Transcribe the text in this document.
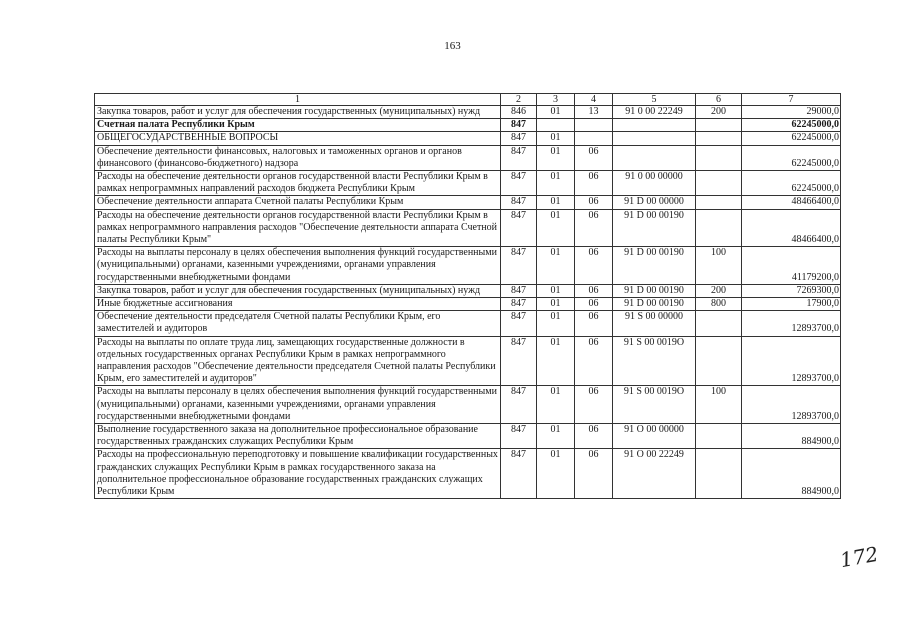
163
1	2	3	4	5	6	7
Закупка товаров, работ и услуг для обеспечения государственных (муниципальных) нужд	846	01	13	91 0 00 22249	200	29000,0
Счетная палата Республики Крым	847					62245000,0
ОБЩЕГОСУДАРСТВЕННЫЕ ВОПРОСЫ	847	01				62245000,0
Обеспечение деятельности финансовых, налоговых и таможенных органов и органов финансового (финансово-бюджетного) надзора	847	01	06			62245000,0
Расходы на обеспечение деятельности органов государственной власти Республики Крым в рамках непрограммных направлений расходов бюджета Республики Крым	847	01	06	91 0 00 00000		62245000,0
Обеспечение деятельности аппарата Счетной палаты Республики Крым	847	01	06	91 D 00 00000		48466400,0
Расходы на обеспечение деятельности органов государственной власти Республики Крым в рамках непрограммного направления расходов "Обеспечение деятельности аппарата Счетной палаты Республики Крым"	847	01	06	91 D 00 00190		48466400,0
Расходы на выплаты персоналу в целях обеспечения выполнения функций государственными (муниципальными) органами, казенными учреждениями, органами управления государственными внебюджетными фондами	847	01	06	91 D 00 00190	100	41179200,0
Закупка товаров, работ и услуг для обеспечения государственных (муниципальных) нужд	847	01	06	91 D 00 00190	200	7269300,0
Иные бюджетные ассигнования	847	01	06	91 D 00 00190	800	17900,0
Обеспечение деятельности председателя Счетной палаты Республики Крым, его заместителей и аудиторов	847	01	06	91 S 00 00000		12893700,0
Расходы на выплаты по оплате труда лиц, замещающих государственные должности в отдельных государственных органах Республики Крым в рамках непрограммного направления расходов "Обеспечение деятельности председателя Счетной палаты Республики Крым, его заместителей и аудиторов"	847	01	06	91 S 00 0019O		12893700,0
Расходы на выплаты персоналу в целях обеспечения выполнения функций государственными (муниципальными) органами, казенными учреждениями, органами управления государственными внебюджетными фондами	847	01	06	91 S 00 0019O	100	12893700,0
Выполнение государственного заказа на дополнительное профессиональное образование государственных гражданских служащих Республики Крым	847	01	06	91 O 00 00000		884900,0
Расходы на профессиональную переподготовку и повышение квалификации государственных гражданских служащих Республики Крым в рамках государственного заказа на дополнительное профессиональное образование государственных гражданских служащих Республики Крым	847	01	06	91 O 00 22249		884900,0
172
